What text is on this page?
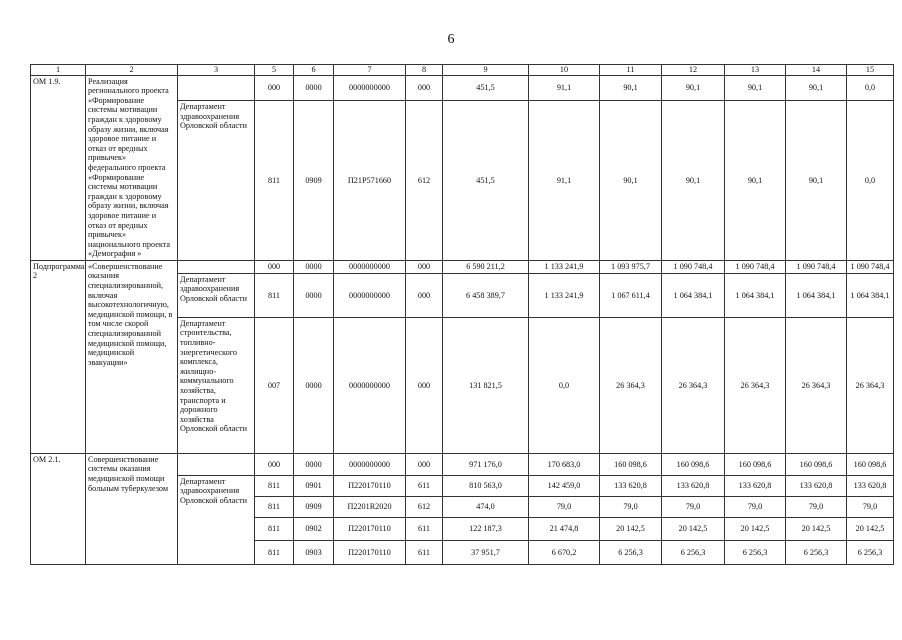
6
1	2	3	5	6	7	8	9	10	11	12	13	14	15
ОМ 1.9.	Реализация регионального проекта «Формирование системы мотивации граждан к здоровому образу жизни, включая здоровое питание и отказ от вредных привычек» федерального проекта «Формирование системы мотивации граждан к здоровому образу жизни, включая здоровое питание и отказ от вредных привычек» национального проекта «Демография »		000	0000	0000000000	000	451,5	91,1	90,1	90,1	90,1	90,1	0,0
		Департамент здравоохранения Орловской области	811	0909	П21Р571660	612	451,5	91,1	90,1	90,1	90,1	90,1	0,0
Подпрограмма 2	«Совершенствование оказания специализированной, включая высокотехнологичную, медицинской помощи, в том числе скорой специализированной медицинской помощи, медицинской эвакуации»		000	0000	0000000000	000	6 590 211,2	1 133 241,9	1 093 975,7	1 090 748,4	1 090 748,4	1 090 748,4	1 090 748,4
		Департамент здравоохранения Орловской области	811	0000	0000000000	000	6 458 389,7	1 133 241,9	1 067 611,4	1 064 384,1	1 064 384,1	1 064 384,1	1 064 384,1
		Департамент строительства, топливно-энергетического комплекса, жилищно-коммунального хозяйства, транспорта и дорожного хозяйства Орловской области	007	0000	0000000000	000	131 821,5	0,0	26 364,3	26 364,3	26 364,3	26 364,3	26 364,3
ОМ 2.1.	Совершенствование системы оказания медицинской помощи больным туберкулезом		000	0000	0000000000	000	971 176,0	170 683,0	160 098,6	160 098,6	160 098,6	160 098,6	160 098,6
		Департамент здравоохранения Орловской области	811	0901	П220170110	611	810 563,0	142 459,0	133 620,8	133 620,8	133 620,8	133 620,8	133 620,8
			811	0909	П2201R2020	612	474,0	79,0	79,0	79,0	79,0	79,0	79,0
			811	0902	П220170110	611	122 187,3	21 474,8	20 142,5	20 142,5	20 142,5	20 142,5	20 142,5
			811	0903	П220170110	611	37 951,7	6 670,2	6 256,3	6 256,3	6 256,3	6 256,3	6 256,3
